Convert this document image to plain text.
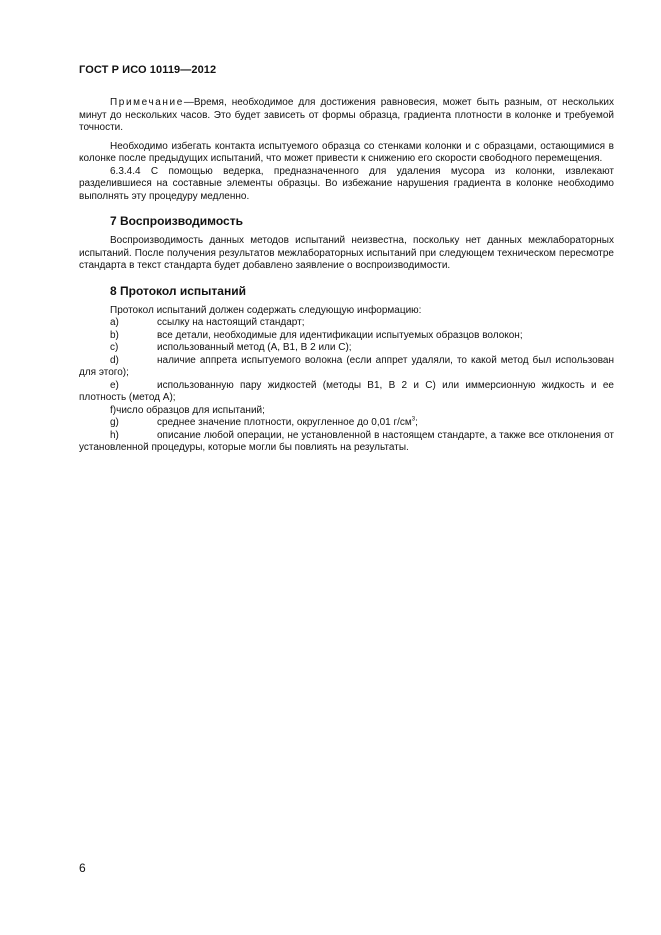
ГОСТ Р ИСО 10119—2012

Примечание—Время, необходимое для достижения равновесия, может быть разным, от нескольких минут до нескольких часов. Это будет зависеть от формы образца, градиента плотности в колонке и требуемой точности.

Необходимо избегать контакта испытуемого образца со стенками колонки и с образцами, остающимися в колонке после предыдущих испытаний, что может привести к снижению его скорости свободного перемещения.

6.3.4.4 С помощью ведерка, предназначенного для удаления мусора из колонки, извлекают разделившиеся на составные элементы образцы. Во избежание нарушения градиента в колонке необходимо выполнять эту процедуру медленно.

7 Воспроизводимость

Воспроизводимость данных методов испытаний неизвестна, поскольку нет данных межлабораторных испытаний. После получения результатов межлабораторных испытаний при следующем техническом пересмотре стандарта в текст стандарта будет добавлено заявление о воспроизводимости.

8 Протокол испытаний

Протокол испытаний должен содержать следующую информацию:

a)	ссылку на настоящий стандарт;
b)	все детали, необходимые для идентификации испытуемых образцов волокон;
c)	использованный метод (А, В1, В 2 или С);
d)	наличие аппрета испытуемого волокна (если аппрет удаляли, то какой метод был использован для этого);
e)	использованную пару жидкостей (методы В1, В 2 и С) или иммерсионную жидкость и ее плотность (метод А);
f)число образцов для испытаний;
g)	среднее значение плотности, округленное до 0,01 $г/см^3$;
h)	описание любой операции, не установленной в настоящем стандарте, а также все отклонения от установленной процедуры, которые могли бы повлиять на результаты.
6
